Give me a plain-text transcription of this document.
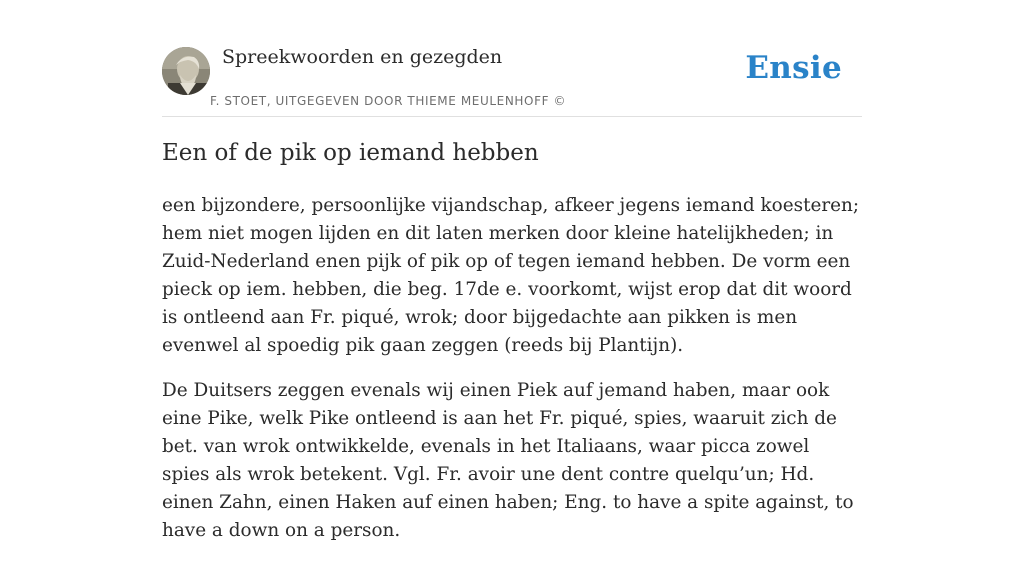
Spreekwoorden en gezegden
F. STOET, UITGEGEVEN DOOR THIEME MEULENHOFF ©
Ensie
Een of de pik op iemand hebben

een bijzondere, persoonlijke vijandschap, afkeer jegens iemand koesteren; hem niet mogen lijden en dit laten merken door kleine hatelijkheden; in Zuid-Nederland enen pijk of pik op of tegen iemand hebben. De vorm een pieck op iem. hebben, die beg. 17de e. voorkomt, wijst erop dat dit woord is ontleend aan Fr. piqué, wrok; door bijgedachte aan pikken is men evenwel al spoedig pik gaan zeggen (reeds bij Plantijn).

De Duitsers zeggen evenals wij einen Piek auf jemand haben, maar ook eine Pike, welk Pike ontleend is aan het Fr. piqué, spies, waaruit zich de bet. van wrok ontwikkelde, evenals in het Italiaans, waar picca zowel spies als wrok betekent. Vgl. Fr. avoir une dent contre quelqu’un; Hd. einen Zahn, einen Haken auf einen haben; Eng. to have a spite against, to have a down on a person.
